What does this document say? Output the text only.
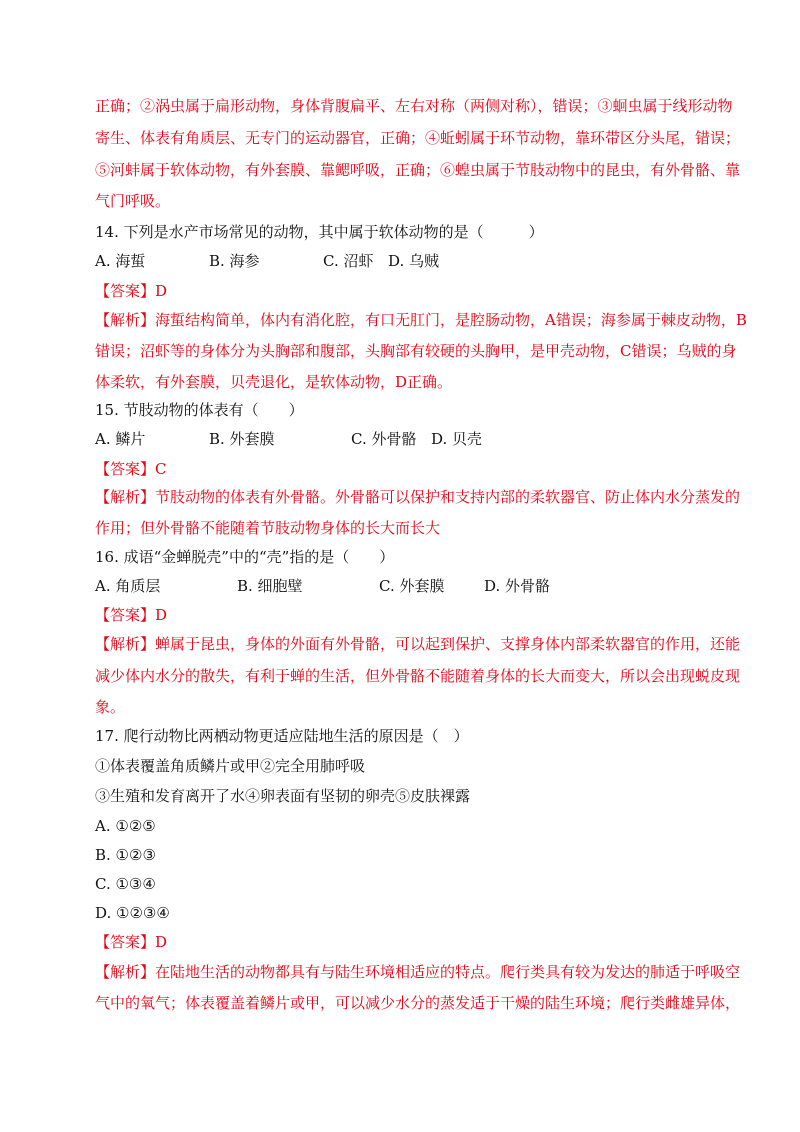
正确；②涡虫属于扁形动物，身体背腹扁平、左右对称（两侧对称），错误；③蛔虫属于线形动物
寄生、体表有角质层、无专门的运动器官，正确；④蚯蚓属于环节动物，靠环带区分头尾，错误；
⑤河蚌属于软体动物，有外套膜、靠鳃呼吸，正确；⑥蝗虫属于节肢动物中的昆虫，有外骨骼、靠
气门呼吸。
14. 下列是水产市场常见的动物，其中属于软体动物的是（　　　）
A. 海蜇	B. 海参	C. 沼虾 D. 乌贼
【答案】D
【解析】海蜇结构简单，体内有消化腔，有口无肛门，是腔肠动物，A错误；海参属于棘皮动物，B
错误；沼虾等的身体分为头胸部和腹部，头胸部有较硬的头胸甲，是甲壳动物，C错误；乌贼的身
体柔软，有外套膜，贝壳退化，是软体动物，D正确。
15. 节肢动物的体表有（　　）
A. 鳞片	B. 外套膜	C. 外骨骼 D. 贝壳
【答案】C
【解析】节肢动物的体表有外骨骼。外骨骼可以保护和支持内部的柔软器官、防止体内水分蒸发的
作用；但外骨骼不能随着节肢动物身体的长大而长大
16. 成语“金蝉脱壳”中的“壳”指的是（　　）
A. 角质层	B. 细胞壁	C. 外套膜	D. 外骨骼
【答案】D
【解析】蝉属于昆虫，身体的外面有外骨骼，可以起到保护、支撑身体内部柔软器官的作用，还能
减少体内水分的散失，有利于蝉的生活，但外骨骼不能随着身体的长大而变大，所以会出现蜕皮现
象。
17. 爬行动物比两栖动物更适应陆地生活的原因是（　）
①体表覆盖角质鳞片或甲②完全用肺呼吸
③生殖和发育离开了水④卵表面有坚韧的卵壳⑤皮肤裸露
A. ①②⑤
B. ①②③
C. ①③④
D. ①②③④
【答案】D
【解析】在陆地生活的动物都具有与陆生环境相适应的特点。爬行类具有较为发达的肺适于呼吸空
气中的氧气；体表覆盖着鳞片或甲，可以减少水分的蒸发适于干燥的陆生环境；爬行类雌雄异体，
